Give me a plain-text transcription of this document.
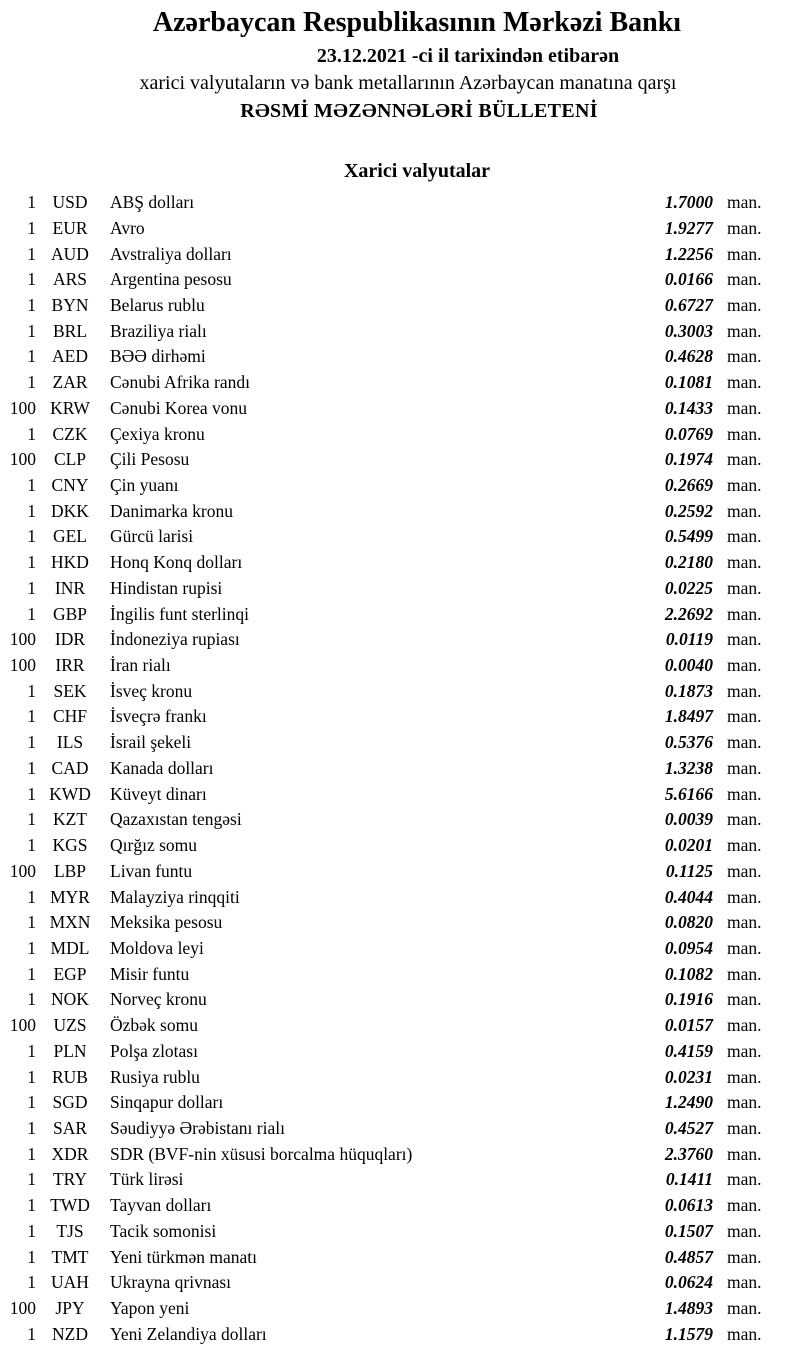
Azərbaycan Respublikasının Mərkəzi Bankı
23.12.2021 -ci il tarixindən etibarən
xarici valyutaların və bank metallarının Azərbaycan manatına qarşı
RƏSMİ MƏZƏNNƏLƏRİ BÜLLETENİ
Xarici valyutalar
1 USD	ABŞ dolları	1.7000 man.
1 EUR	Avro	1.9277 man.
1 AUD	Avstraliya dolları	1.2256 man.
1 ARS	Argentina pesosu	0.0166 man.
1 BYN	Belarus rublu	0.6727 man.
1 BRL	Braziliya rialı	0.3003 man.
1 AED	BƏƏ dirhəmi	0.4628 man.
1 ZAR	Cənubi Afrika randı	0.1081 man.
100 KRW	Cənubi Korea vonu	0.1433 man.
1 CZK	Çexiya kronu	0.0769 man.
100	CLP	Çili Pesosu	0.1974 man.
1 CNY	Çin yuanı	0.2669 man.
1 DKK	Danimarka kronu	0.2592 man.
1 GEL	Gürcü larisi	0.5499 man.
1 HKD	Honq Konq dolları	0.2180 man.
1	INR	Hindistan rupisi	0.0225 man.
1 GBP	İngilis funt sterlinqi	2.2692 man.
100	IDR	İndoneziya rupiası	0.0119 man.
100	IRR	İran rialı	0.0040 man.
1 SEK	İsveç kronu	0.1873 man.
1 CHF	İsveçrə frankı	1.8497 man.
1	ILS	İsrail şekeli	0.5376 man.
1 CAD	Kanada dolları	1.3238 man.
1 KWD	Küveyt dinarı	5.6166 man.
1 KZT	Qazaxıstan tengəsi	0.0039 man.
1 KGS	Qırğız somu	0.0201 man.
100	LBP	Livan funtu	0.1125 man.
1 MYR	Malayziya rinqqiti	0.4044 man.
1 MXN	Meksika pesosu	0.0820 man.
1 MDL	Moldova leyi	0.0954 man.
1 EGP	Misir funtu	0.1082 man.
1 NOK	Norveç kronu	0.1916 man.
100 UZS	Özbək somu	0.0157 man.
1 PLN	Polşa zlotası	0.4159 man.
1 RUB	Rusiya rublu	0.0231 man.
1 SGD	Sinqapur dolları	1.2490 man.
1 SAR	Səudiyyə Ərəbistanı rialı	0.4527 man.
1 XDR	SDR (BVF-nin xüsusi borcalma hüquqları)	2.3760 man.
1 TRY	Türk lirəsi	0.1411 man.
1 TWD	Tayvan dolları	0.0613 man.
1	TJS	Tacik somonisi	0.1507 man.
1 TMT	Yeni türkmən manatı	0.4857 man.
1 UAH	Ukrayna qrivnası	0.0624 man.
100	JPY	Yapon yeni	1.4893 man.
1 NZD	Yeni Zelandiya dolları	1.1579 man.
